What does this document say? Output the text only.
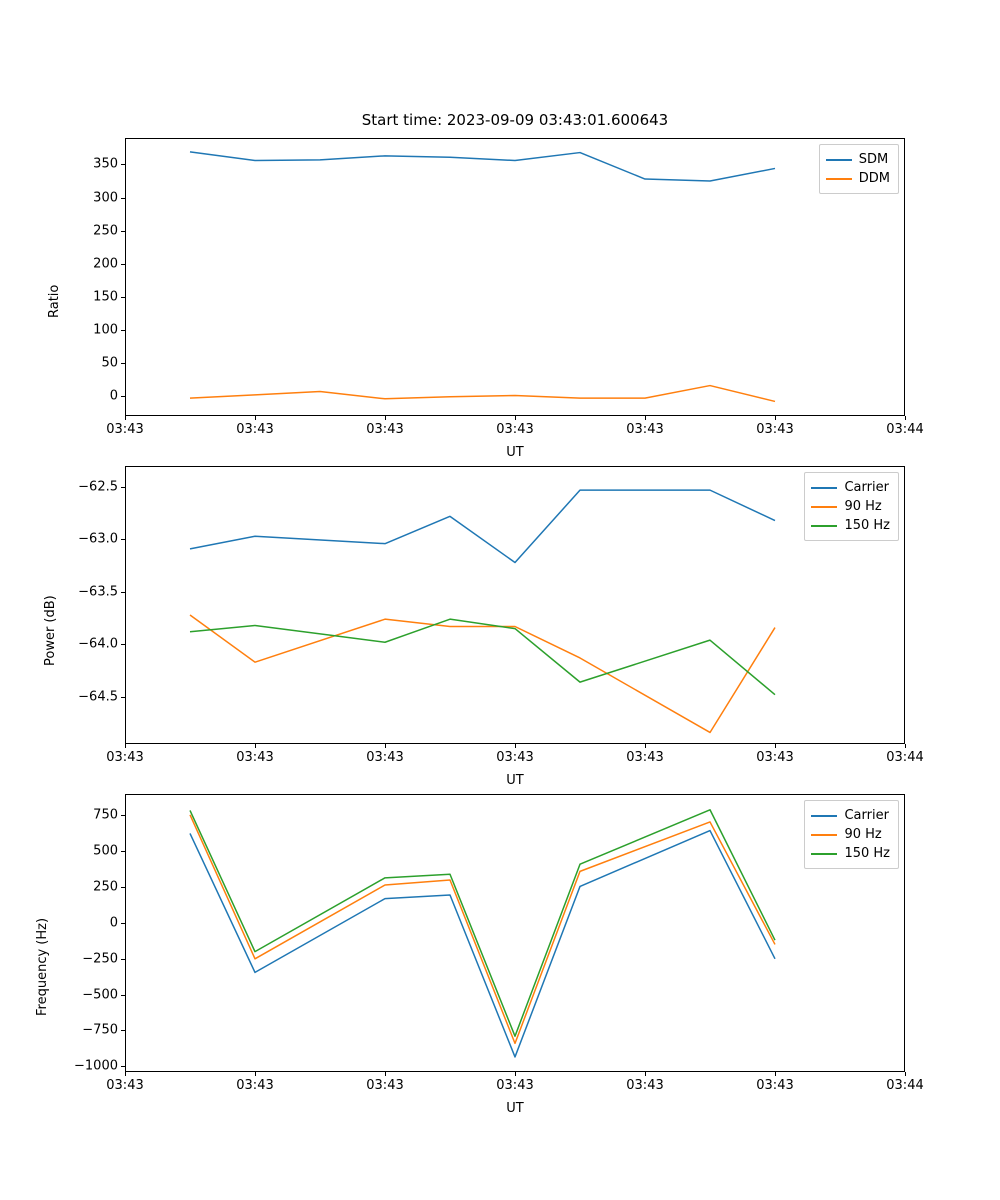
Start time: 2023-09-09 03:43:01.600643
Ratio
UT
0
50
100
150
200
250
300
350
03:43	03:43	03:43	03:43	03:43	03:43	03:44
SDM
DDM
Power (dB)
UT
−64.5
−64.0
−63.5
−63.0
−62.5
03:43	03:43	03:43	03:43	03:43	03:43	03:44
Carrier
90 Hz
150 Hz
Frequency (Hz)
UT
−1000
−750
−500
−250
0
250
500
750
03:43	03:43	03:43	03:43	03:43	03:43	03:44
Carrier
90 Hz
150 Hz
